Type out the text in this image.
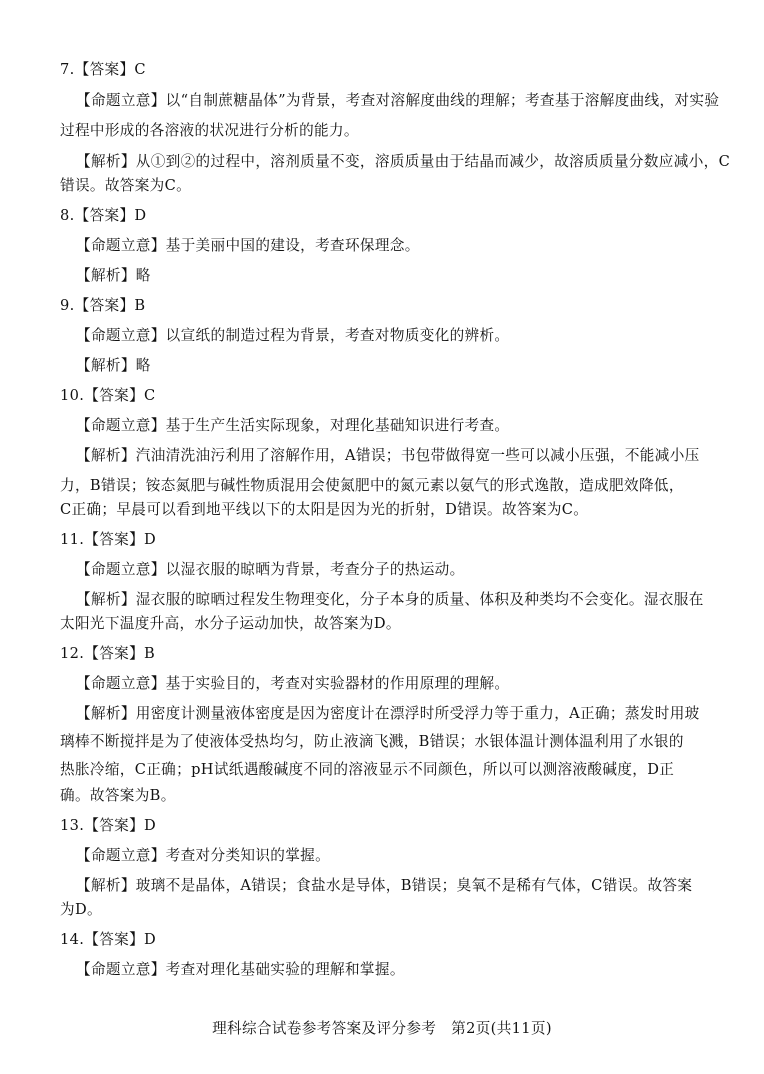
7.【答案】C
【命题立意】以“自制蔗糖晶体”为背景，考查对溶解度曲线的理解；考查基于溶解度曲线，对实验
过程中形成的各溶液的状况进行分析的能力。
【解析】从①到②的过程中，溶剂质量不变，溶质质量由于结晶而减少，故溶质质量分数应减小，C
错误。故答案为C。
8.【答案】D
【命题立意】基于美丽中国的建设，考查环保理念。
【解析】略
9.【答案】B
【命题立意】以宣纸的制造过程为背景，考查对物质变化的辨析。
【解析】略
10.【答案】C
【命题立意】基于生产生活实际现象，对理化基础知识进行考查。
【解析】汽油清洗油污利用了溶解作用，A错误；书包带做得宽一些可以减小压强，不能减小压
力，B错误；铵态氮肥与碱性物质混用会使氮肥中的氮元素以氨气的形式逸散，造成肥效降低，
C正确；早晨可以看到地平线以下的太阳是因为光的折射，D错误。故答案为C。
11.【答案】D
【命题立意】以湿衣服的晾晒为背景，考查分子的热运动。
【解析】湿衣服的晾晒过程发生物理变化，分子本身的质量、体积及种类均不会变化。湿衣服在
太阳光下温度升高，水分子运动加快，故答案为D。
12.【答案】B
【命题立意】基于实验目的，考查对实验器材的作用原理的理解。
【解析】用密度计测量液体密度是因为密度计在漂浮时所受浮力等于重力，A正确；蒸发时用玻
璃棒不断搅拌是为了使液体受热均匀，防止液滴飞溅，B错误；水银体温计测体温利用了水银的
热胀冷缩，C正确；pH试纸遇酸碱度不同的溶液显示不同颜色，所以可以测溶液酸碱度，D正
确。故答案为B。
13.【答案】D
【命题立意】考查对分类知识的掌握。
【解析】玻璃不是晶体，A错误；食盐水是导体，B错误；臭氧不是稀有气体，C错误。故答案
为D。
14.【答案】D
【命题立意】考查对理化基础实验的理解和掌握。
理科综合试卷参考答案及评分参考　第2页(共11页)
